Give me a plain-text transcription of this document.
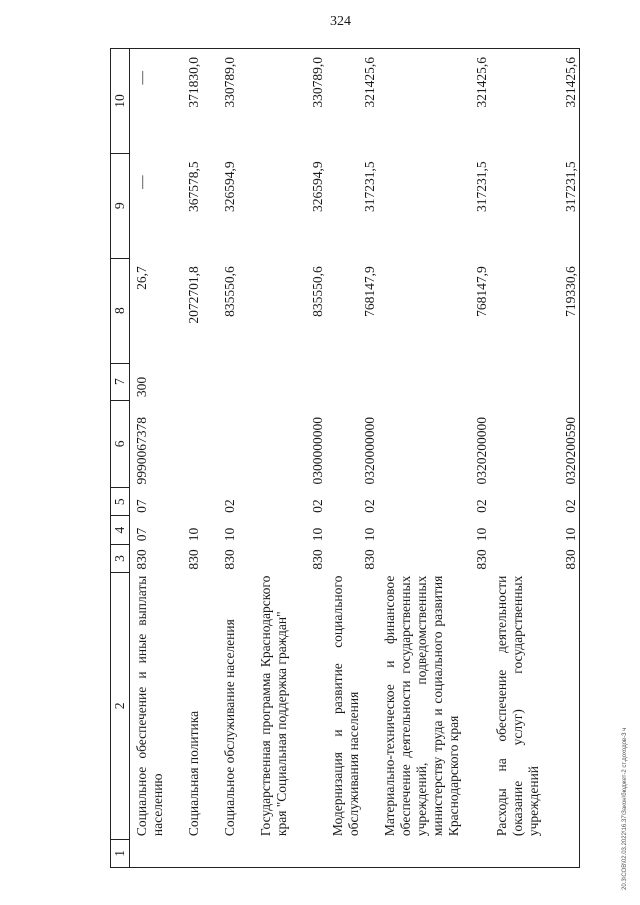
324
20.3\СОВ\02.03.2022\16.37\Закон\бюджет-2 ст.доходов-3 ч
1	2	3	4	5	6	7	8	9	10
	Социальное обеспечение и иные выплаты населению	830	07	07	9990067378	300	26,7	—	—
	Социальная политика	830	10				2072701,8	367578,5	371830,0
	Социальное обслуживание населения	830	10	02			835550,6	326594,9	330789,0
	Государственная программа Краснодарского края "Социальная поддержка граждан"	830	10	02	0300000000		835550,6	326594,9	330789,0
	Модернизация и развитие социального обслуживания населения	830	10	02	0320000000		768147,9	317231,5	321425,6
	Материально-техническое и финансовое обеспечение деятельности государственных учреждений, подведомственных министерству труда и социального развития Краснодарского края	830	10	02	0320200000		768147,9	317231,5	321425,6
	Расходы на обеспечение деятельности (оказание услуг) государственных учреждений	830	10	02	0320200590		719330,6	317231,5	321425,6
